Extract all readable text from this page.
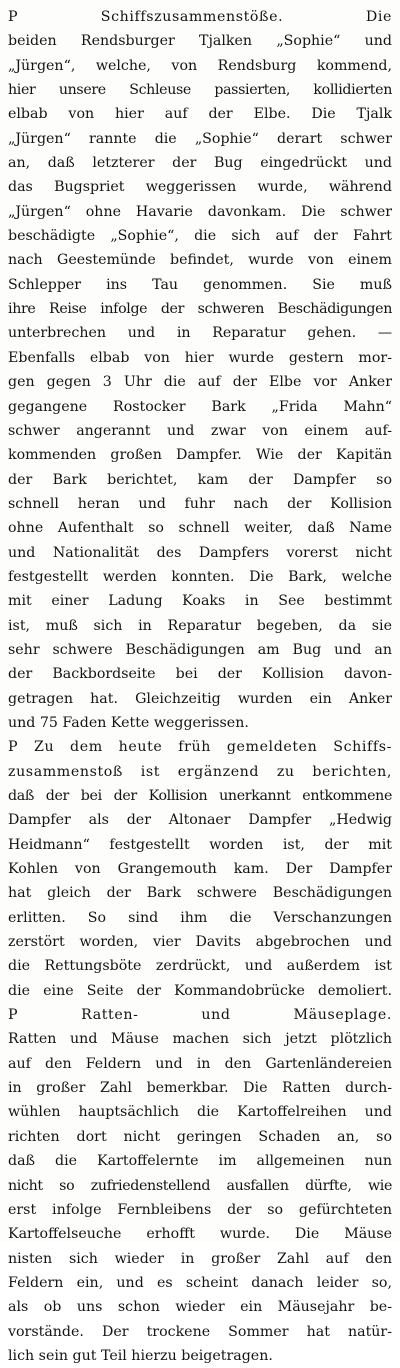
P Schiffszusammenstöße. Die
beiden Rendsburger Tjalken „Sophie“ und
„Jürgen“, welche, von Rendsburg kommend,
hier unsere Schleuse passierten, kollidierten
elbab von hier auf der Elbe. Die Tjalk
„Jürgen“ rannte die „Sophie“ derart schwer
an, daß letzterer der Bug eingedrückt und
das Bugspriet weggerissen wurde, während
„Jürgen“ ohne Havarie davonkam. Die schwer
beschädigte „Sophie“, die sich auf der Fahrt
nach Geestemünde befindet, wurde von einem
Schlepper ins Tau genommen. Sie muß
ihre Reise infolge der schweren Beschädigungen
unterbrechen und in Reparatur gehen. —
Ebenfalls elbab von hier wurde gestern mor-
gen gegen 3 Uhr die auf der Elbe vor Anker
gegangene Rostocker Bark „Frida Mahn“
schwer angerannt und zwar von einem auf-
kommenden großen Dampfer. Wie der Kapitän
der Bark berichtet, kam der Dampfer so
schnell heran und fuhr nach der Kollision
ohne Aufenthalt so schnell weiter, daß Name
und Nationalität des Dampfers vorerst nicht
festgestellt werden konnten. Die Bark, welche
mit einer Ladung Koaks in See bestimmt
ist, muß sich in Reparatur begeben, da sie
sehr schwere Beschädigungen am Bug und an
der Backbordseite bei der Kollision davon-
getragen hat. Gleichzeitig wurden ein Anker
und 75 Faden Kette weggerissen.
P Zu dem heute früh gemeldeten Schiffs-
zusammenstoß ist ergänzend zu berichten,
daß der bei der Kollision unerkannt entkommene
Dampfer als der Altonaer Dampfer „Hedwig
Heidmann“ festgestellt worden ist, der mit
Kohlen von Grangemouth kam. Der Dampfer
hat gleich der Bark schwere Beschädigungen
erlitten. So sind ihm die Verschanzungen
zerstört worden, vier Davits abgebrochen und
die Rettungsböte zerdrückt, und außerdem ist
die eine Seite der Kommandobrücke demoliert.
P Ratten- und Mäuseplage.
Ratten und Mäuse machen sich jetzt plötzlich
auf den Feldern und in den Gartenländereien
in großer Zahl bemerkbar. Die Ratten durch-
wühlen hauptsächlich die Kartoffelreihen und
richten dort nicht geringen Schaden an, so
daß die Kartoffelernte im allgemeinen nun
nicht so zufriedenstellend ausfallen dürfte, wie
erst infolge Fernbleibens der so gefürchteten
Kartoffelseuche erhofft wurde. Die Mäuse
nisten sich wieder in großer Zahl auf den
Feldern ein, und es scheint danach leider so,
als ob uns schon wieder ein Mäusejahr be-
vorstände. Der trockene Sommer hat natür-
lich sein gut Teil hierzu beigetragen.
